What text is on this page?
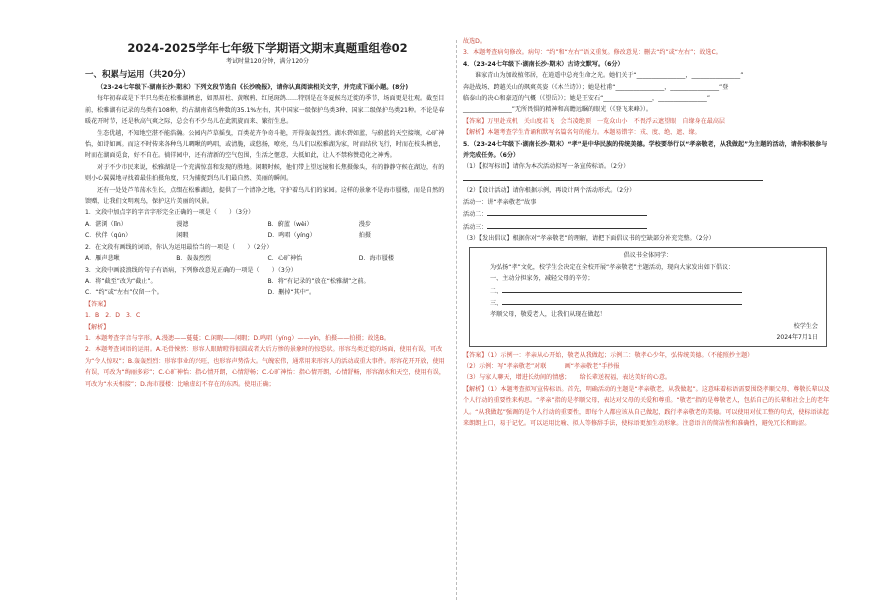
2024-2025学年七年级下学期语文期末真题重组卷02

考试时量120分钟，满分120分

一、积累与运用（共20分）

（23-24七年级下·湖南长沙·期末）下列文段节选自《长沙晚报》，请你认真阅读相关文字，并完成下面小题。(8分)

每年初春或是下半只鸟类在松雅湖栖息，如黑眉杜、黄喉鸦、红尾斑鸽……特别是在冬夏候鸟迁徙的季节，场面更是壮观。截至目前，松雅湖有记录的鸟类有108种，约占湖南省鸟种数的35.1%左右，其中国家一级保护鸟类3种、国家二级保护鸟类21种。不论是春暖花开时节，还是秋高气爽之际，总会有不少鸟儿在此凯旋而来、繁衍生息。

生态优越，不知地空湛不能浩瀚。公园内芦草摇曳，百类花卉争奇斗艳，开得轰轰烈烈。湖水碧如蓝，与蔚蓝的天空接壤，心旷神怡，如诗如画。而这不时传来各种鸟儿啁啾的鸣唱，或清脆，或悠扬，嘹亮，鸟儿们以松雅湖为家，时而结伙飞行，时而在枝头栖息，时而在湖面觅食，好不自在。徜徉园中，还有清新的空气包围，生活之惬意，大抵如此，让人不禁称赞造化之神秀。

对于不少市民来说，松雅湖是一个充满惊喜和发现的胜地。闲暇时候，他们带上望远镜和长焦摄像头，有的静静守候在湖边，有的则小心翼翼地寻找着最佳拍摄角度，只为捕捉到鸟儿们最自然、美丽的瞬间。

还有一处处芦苇荡水生长，点缀在松雅湖边，提供了一个清净之地，守护着鸟儿们的家园。这样的景象不是海市蜃楼，而是自然的馈赠，让我们文明观鸟，保护这片美丽的风景。

1．文段中加点字的字音字形完全正确的一项是（　　）（3分）

A．湛浏（lǐn）	漫漶	B．蔚蓝（wèi）	漫步
C．伙伴（qún）	闲暇	D．鸣唱（yíng）	拍摄

2．在文段有画线的词语，你认为运用最恰当的一项是（　　）（2分）

A．雁声悲啾	B．轰轰烈烈	C．心旷神怡	D．海市蜃楼

3．文段中画波浪线的句子有语病，下列修改意见正确的一项是（　　）（3分）

A．将“截至”改为“截止”。	B．将“有记录的”放在“松雅湖”之前。
C．“约”或“左右”仅留一个。	D．删掉“其中”。

【答案】

1．B　2．D　3．C

【解析】

1．本题考查字音与字形。A.漫漶——蔓蔓；C.闲暇——闲暇；D.鸣唱（yíng）——yín，拍摄——拍摄；故选B。

2．本题考查词语的运用。A.毛骨悚然：形容人眼睛瞪得很圆或者大后方惨的景象时的惊恐状。形容鸟类迁徙的场面，使用有误，可改为“令人惊叹”；B.轰轰烈烈：形容事业的兴旺，也形容声势浩大。气魄宏伟，通常用来形容人的活动或重大事件。形容花开开放，使用有误，可改为“绚丽多彩”；C.心旷神怡：指心情开朗，心情舒畅；C.心旷神怡：指心情开朗，心情舒畅，形容湖水和天空，使用有误，可改为“水天相接”；D.海市蜃楼：比喻虚幻不存在的东西。使用正确；

故选D。

3．本题考查病句修改。病句：“约”和“左右”语义重复。修改意见：删去“约”或“左右”；故选C。

4．（23-24七年级下·湖南长沙·期末）古诗文默写。（6分）

谁家青山为加故植邻居，在逍遥中总亮生命之光。她们关于“________________，________________”

奔赴战场、跨越关山的飒爽英姿（《木兰诗》）；她是杜甫“________________，________________”登

临泰山的决心和豪迈的气概（《望岳》）；她是王安石“________________，________________”

________________”无所畏惧的精神和高瞻远瞩的眼光（《登飞来峰》）。

【答案】万里赴戎机　关山度若飞　会当凌绝顶　一览众山小　不畏浮云遮望眼　自缘身在最高层

【解析】本题考查学生背诵和默写名篇名句的能力。本题易错字：戎、度、绝、遮、缘。

5．（23-24七年级下·湖南长沙·期末）“孝”是中华民族的传统美德。学校要举行以“孝亲敬老，从我做起”为主题的活动，请你积极参与并完成任务。（6分）

（1）【拟写标语】请你为本次活动拟写一条宣传标语。（2分）

（2）【设计活动】请你根据示例，再设计两个活动形式。（2分）

活动一：讲“孝亲敬老”故事

活动二：

活动三：

（3）【发出倡议】根据你对“孝亲敬老”的理解，请把下面倡议书的空缺部分补充完整。（2分）

倡议书全体同学：

为弘扬“孝”文化，校学生会决定在全校开展“孝亲敬老”主题活动，现向大家发出如下倡议：

一、主动分担家务，减轻父母的辛劳；

二、

三、

孝顺父母，敬爱老人，让我们从现在做起！

校学生会

2024年7月1日

【答案】（1）示例一：孝亲从心开始，敬老从我做起；示例二：敬孝心少年，弘传统美德。（不能照抄主题）

（2）示例：写“孝亲敬老”对联　　　画“孝亲敬老”手抄报

（3）与家人聊天，增进长幼间的情感；　　给长辈送祝福，表达美好的心意。

【解析】（1）本题考查拟写宣传标语。首先，明确活动的主题是“孝亲敬老，从我做起”。这意味着标语需要围绕孝顺父母、尊敬长辈以及个人行动的重要性来构思。“孝亲”指的是孝顺父母，表达对父母的关爱和尊重。“敬老”指的是尊敬老人，包括自己的长辈和社会上的老年人。“从我做起”强调的是个人行动的重要性，即每个人都应该从自己做起，践行孝亲敬老的美德。可以使用对仗工整的句式，使标语读起来朗朗上口，易于记忆。可以运用比喻、拟人等修辞手法，使标语更加生动形象。注意语言的简洁性和准确性，避免冗长和晦涩。
